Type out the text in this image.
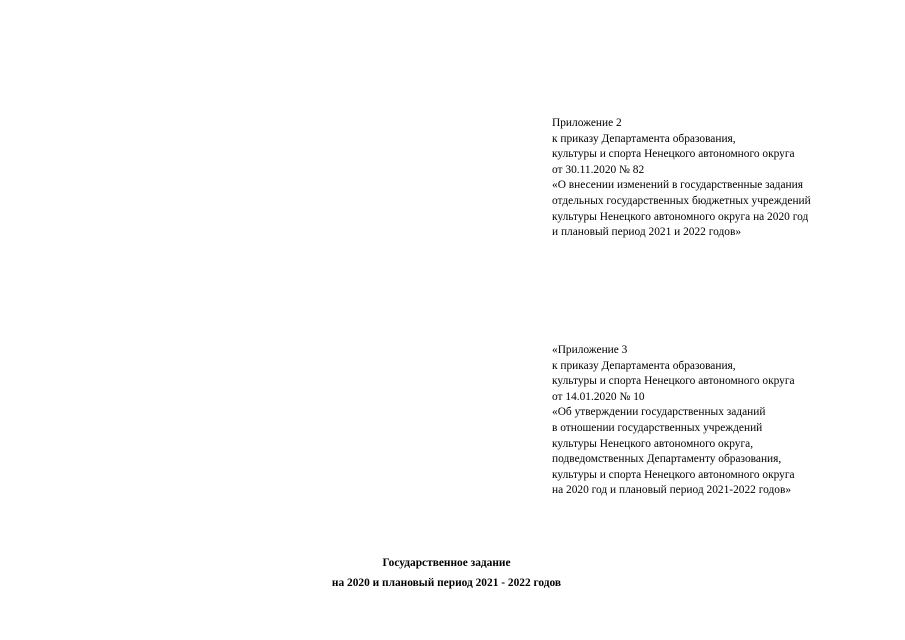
Приложение 2
к приказу Департамента образования,
культуры и спорта Ненецкого автономного округа
от 30.11.2020 № 82
«О внесении изменений в государственные задания
отдельных государственных бюджетных учреждений
культуры Ненецкого автономного округа на 2020 год
и плановый период 2021 и 2022 годов»
«Приложение 3
к приказу Департамента образования,
культуры и спорта Ненецкого автономного округа
от 14.01.2020 № 10
«Об утверждении государственных заданий
в отношении государственных учреждений
культуры Ненецкого автономного округа,
подведомственных Департаменту образования,
культуры и спорта Ненецкого автономного округа
на 2020 год и плановый период 2021-2022 годов»
Государственное задание
на 2020 и плановый период 2021 - 2022 годов
